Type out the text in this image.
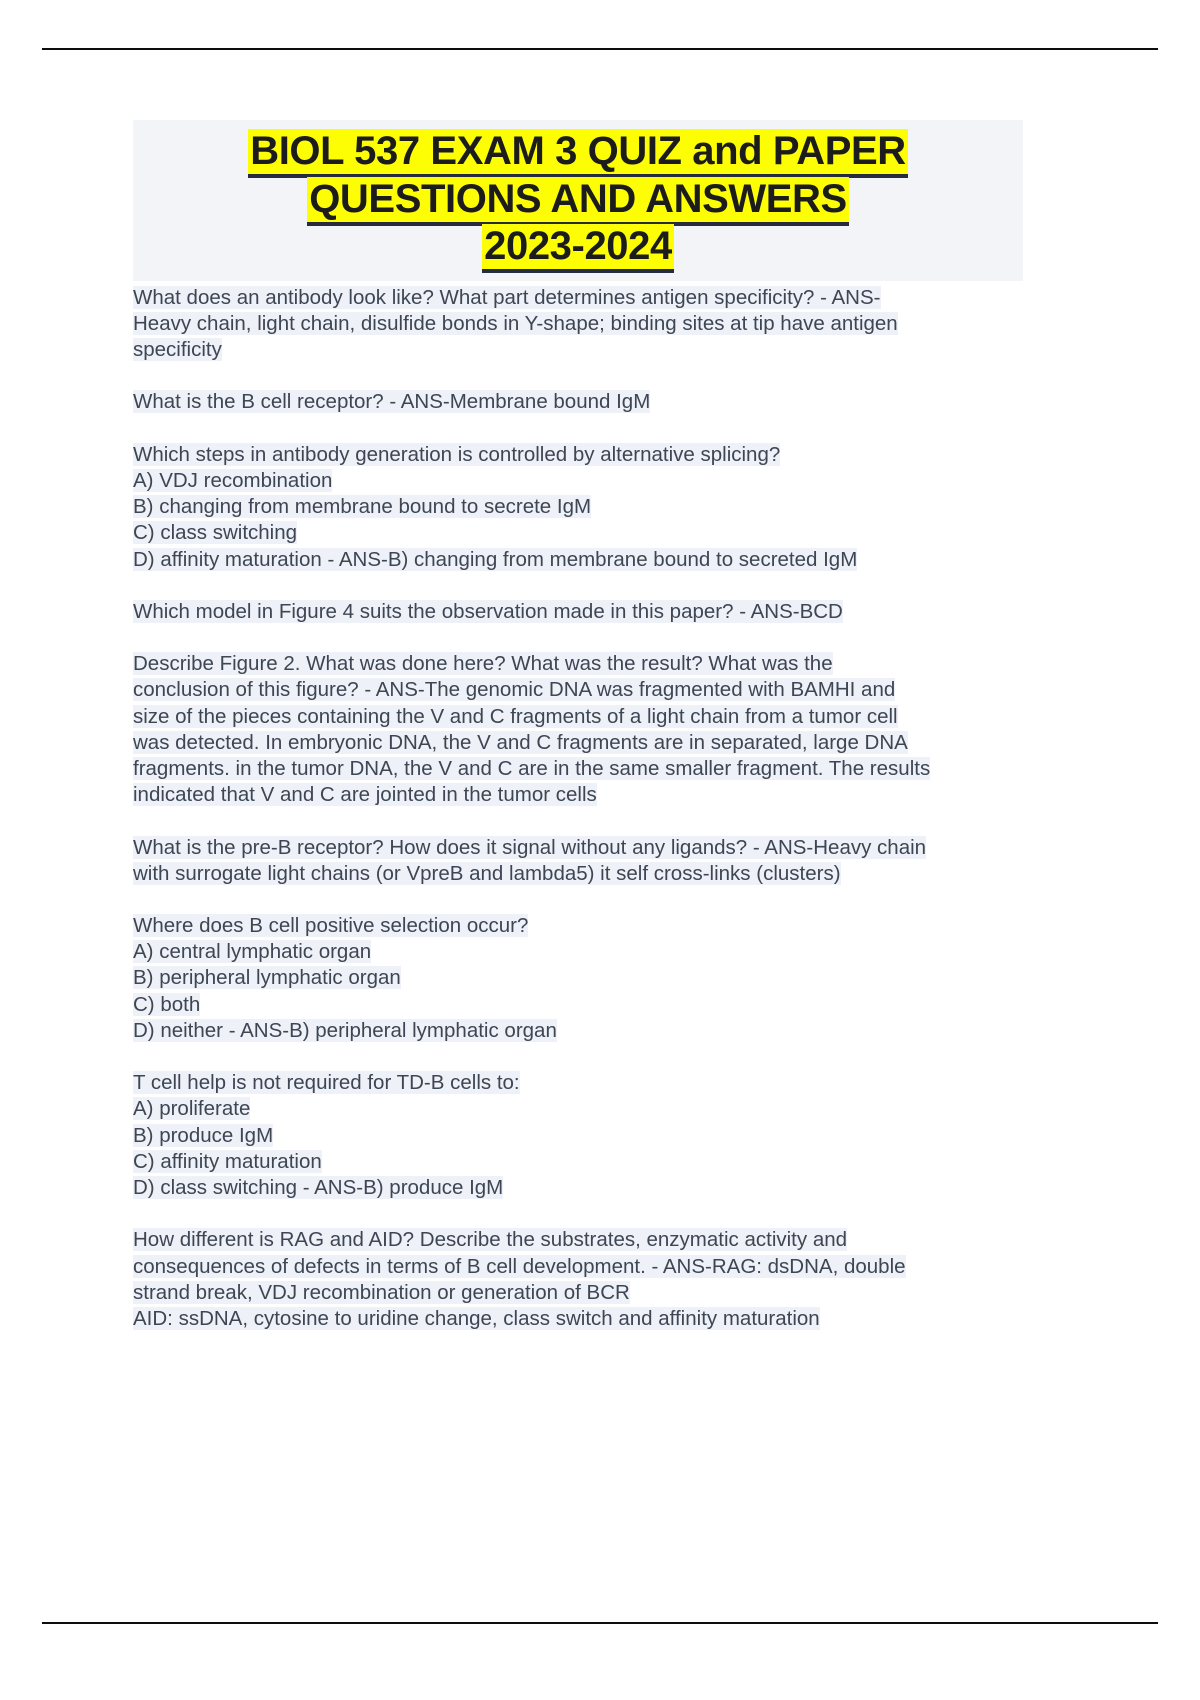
BIOL 537 EXAM 3 QUIZ and PAPER
QUESTIONS AND ANSWERS
2023-2024
What does an antibody look like? What part determines antigen specificity? - ANS-
Heavy chain, light chain, disulfide bonds in Y-shape; binding sites at tip have antigen
specificity
What is the B cell receptor? - ANS-Membrane bound IgM
Which steps in antibody generation is controlled by alternative splicing?
A) VDJ recombination
B) changing from membrane bound to secrete IgM
C) class switching
D) affinity maturation - ANS-B) changing from membrane bound to secreted IgM
Which model in Figure 4 suits the observation made in this paper? - ANS-BCD
Describe Figure 2. What was done here? What was the result? What was the
conclusion of this figure? - ANS-The genomic DNA was fragmented with BAMHI and
size of the pieces containing the V and C fragments of a light chain from a tumor cell
was detected. In embryonic DNA, the V and C fragments are in separated, large DNA
fragments. in the tumor DNA, the V and C are in the same smaller fragment. The results
indicated that V and C are jointed in the tumor cells
What is the pre-B receptor? How does it signal without any ligands? - ANS-Heavy chain
with surrogate light chains (or VpreB and lambda5) it self cross-links (clusters)
Where does B cell positive selection occur?
A) central lymphatic organ
B) peripheral lymphatic organ
C) both
D) neither - ANS-B) peripheral lymphatic organ
T cell help is not required for TD-B cells to:
A) proliferate
B) produce IgM
C) affinity maturation
D) class switching - ANS-B) produce IgM
How different is RAG and AID? Describe the substrates, enzymatic activity and
consequences of defects in terms of B cell development. - ANS-RAG: dsDNA, double
strand break, VDJ recombination or generation of BCR
AID: ssDNA, cytosine to uridine change, class switch and affinity maturation
